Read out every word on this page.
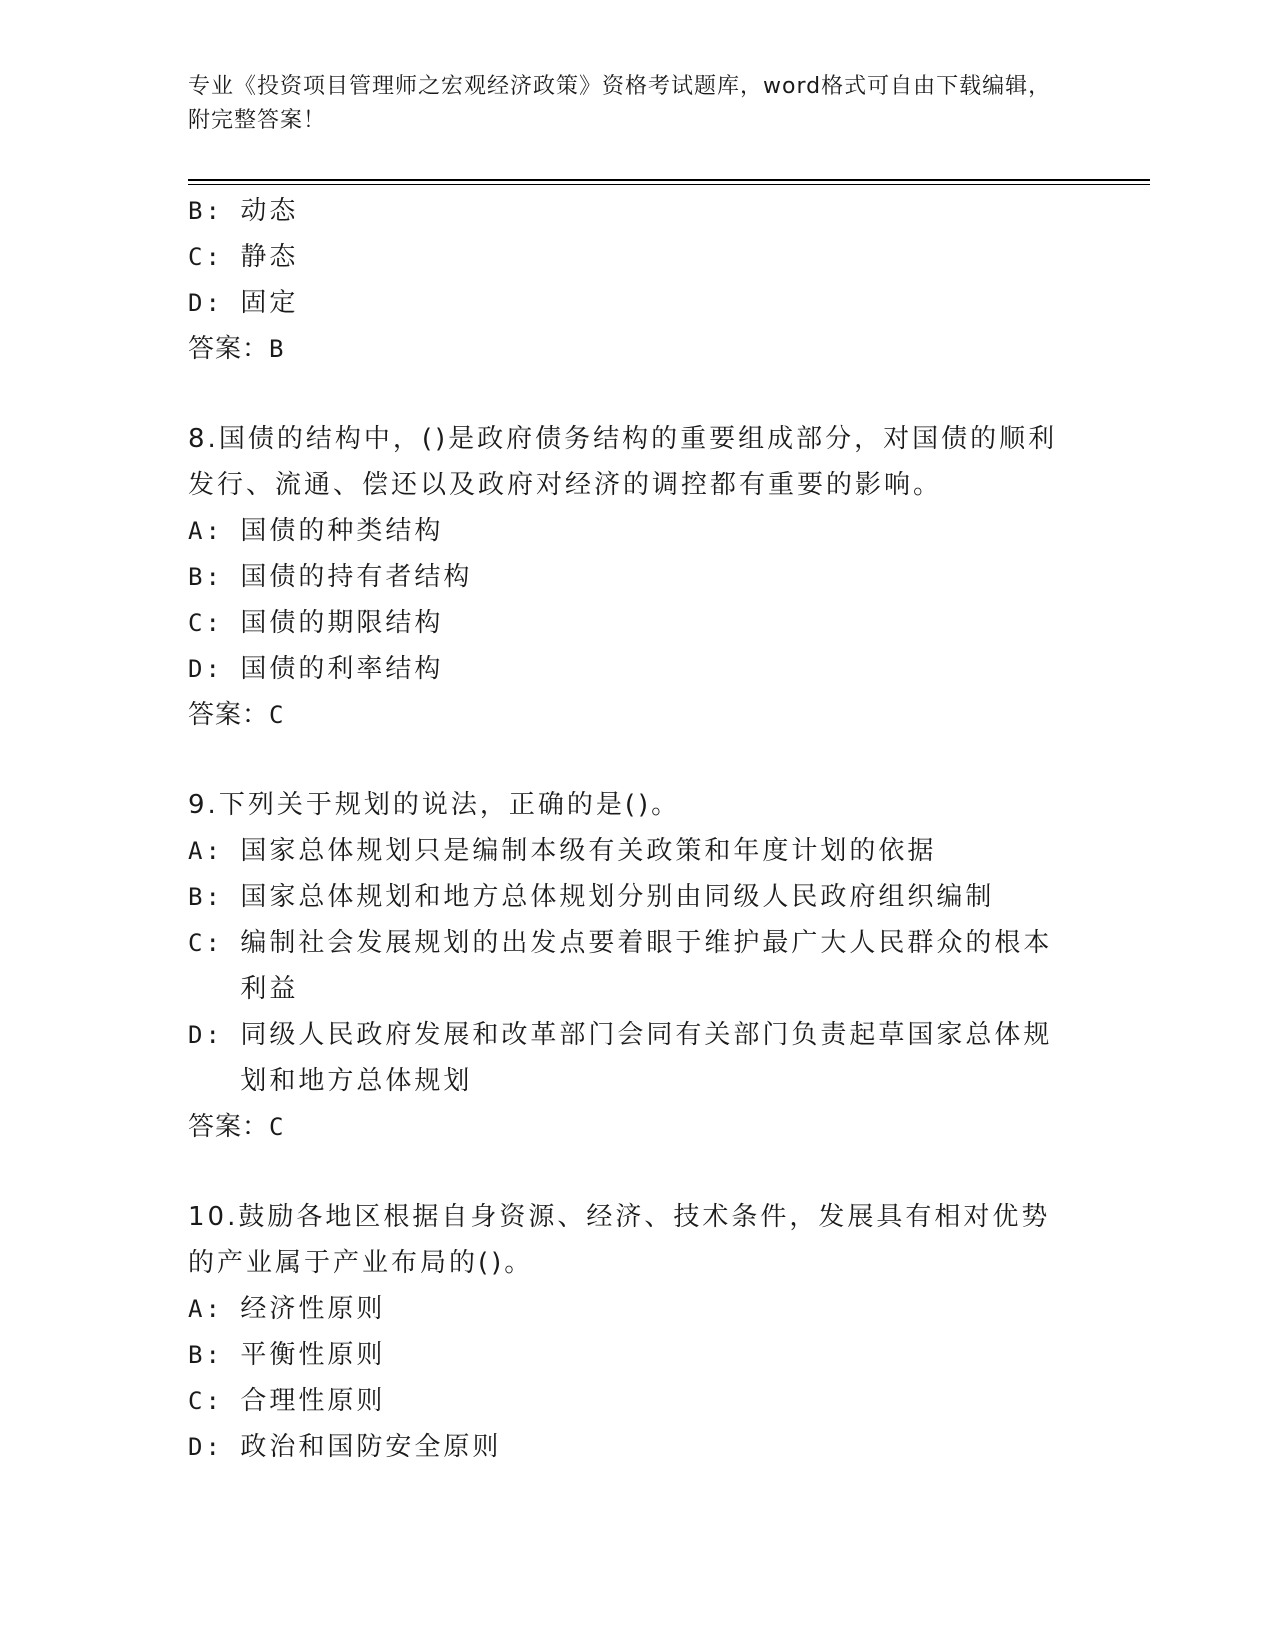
专业《投资项目管理师之宏观经济政策》资格考试题库，word格式可自由下载编辑，附完整答案！
B:
动态
C:
静态
D:
固定
答案：B
8.国债的结构中，()是政府债务结构的重要组成部分，对国债的顺利发行、流通、偿还以及政府对经济的调控都有重要的影响。
A:
国债的种类结构
B:
国债的持有者结构
C:
国债的期限结构
D:
国债的利率结构
答案：C
9.下列关于规划的说法，正确的是()。
A:
国家总体规划只是编制本级有关政策和年度计划的依据
B:
国家总体规划和地方总体规划分别由同级人民政府组织编制
C:
编制社会发展规划的出发点要着眼于维护最广大人民群众的根本利益
D:
同级人民政府发展和改革部门会同有关部门负责起草国家总体规划和地方总体规划
答案：C
10.鼓励各地区根据自身资源、经济、技术条件，发展具有相对优势的产业属于产业布局的()。
A:
经济性原则
B:
平衡性原则
C:
合理性原则
D:
政治和国防安全原则
